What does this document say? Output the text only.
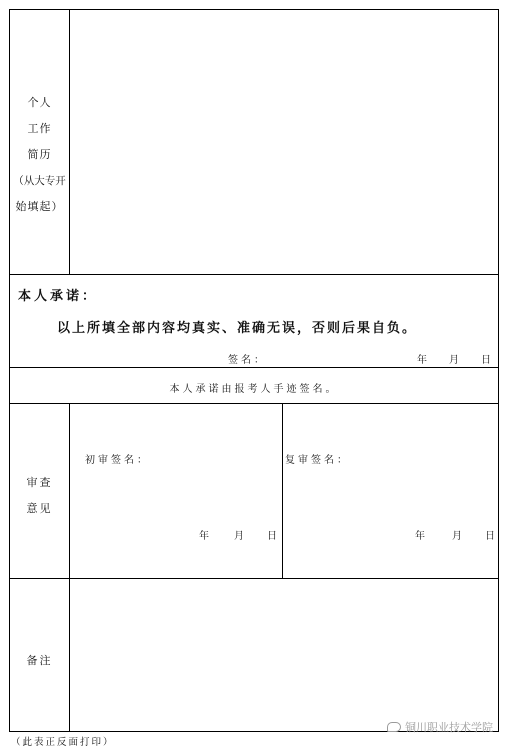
个人
工作
简历
（从大专开
始填起）
本人承诺：
以上所填全部内容均真实、准确无误，否则后果自负。
签名：	年 月 日
本人承诺由报考人手迹签名。
审查
意见
初审签名：
年 月 日
复审签名：
年 月 日
备注
（此表正反面打印）
铜川职业技术学院
